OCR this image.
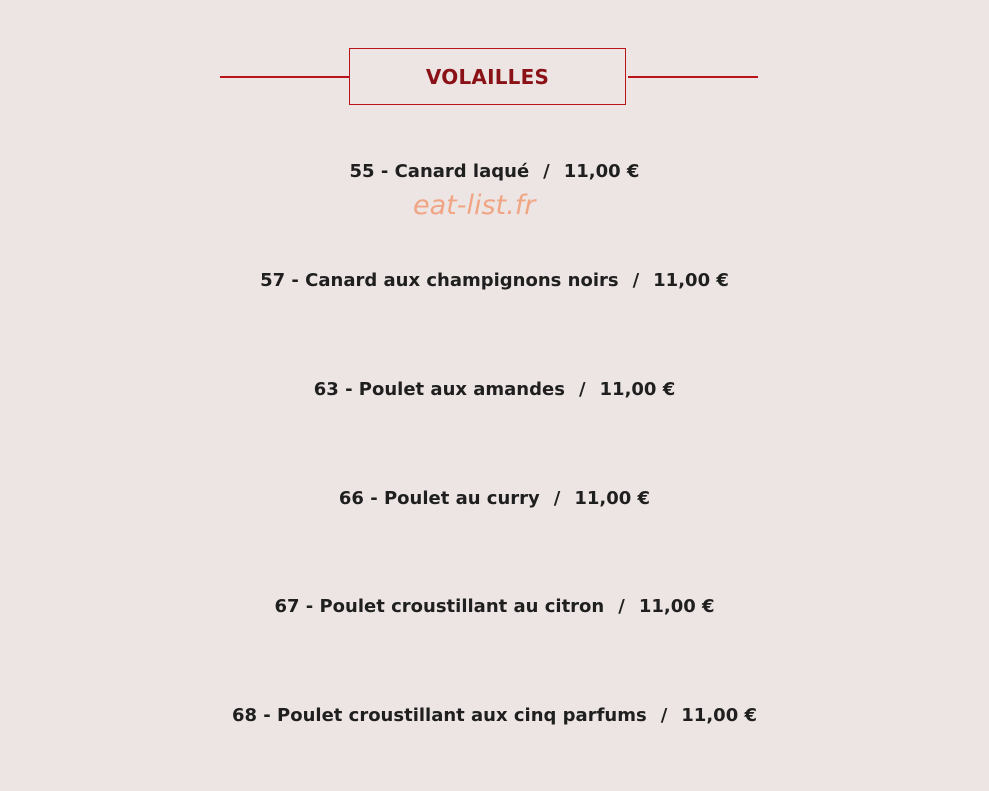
VOLAILLES
55 - Canard laqué / 11,00 €
57 - Canard aux champignons noirs / 11,00 €
63 - Poulet aux amandes / 11,00 €
66 - Poulet au curry / 11,00 €
67 - Poulet croustillant au citron / 11,00 €
68 - Poulet croustillant aux cinq parfums / 11,00 €
eat-list.fr
